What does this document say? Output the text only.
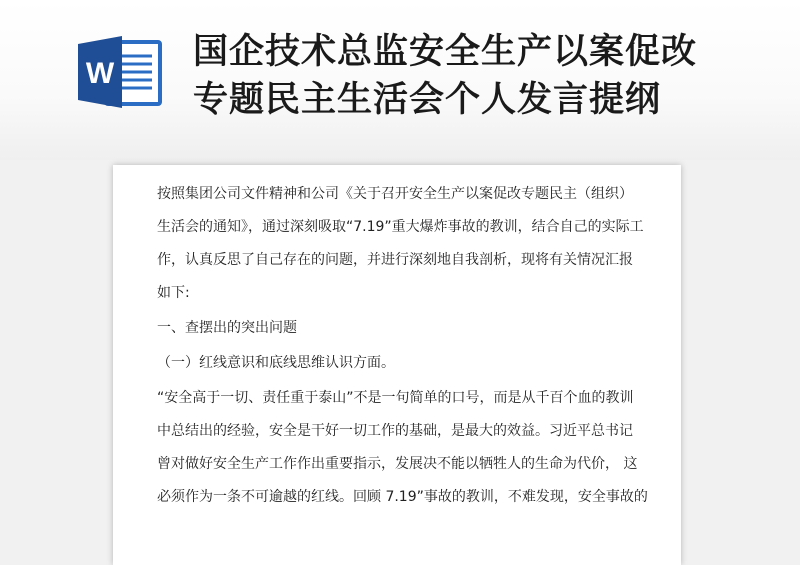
W
国企技术总监安全生产以案促改
专题民主生活会个人发言提纲
按照集团公司文件精神和公司《关于召开安全生产以案促改专题民主（组织）
生活会的通知》，通过深刻吸取“7.19”重大爆炸事故的教训，结合自己的实际工
作，认真反思了自己存在的问题，并进行深刻地自我剖析，现将有关情况汇报
如下:
一、查摆出的突出问题
（一）红线意识和底线思维认识方面。
“安全高于一切、责任重于泰山”不是一句简单的口号，而是从千百个血的教训
中总结出的经验，安全是干好一切工作的基础，是最大的效益。习近平总书记
曾对做好安全生产工作作出重要指示，发展决不能以牺牲人的生命为代价， 这
必须作为一条不可逾越的红线。回顾 7.19”事故的教训，不难发现，安全事故的
